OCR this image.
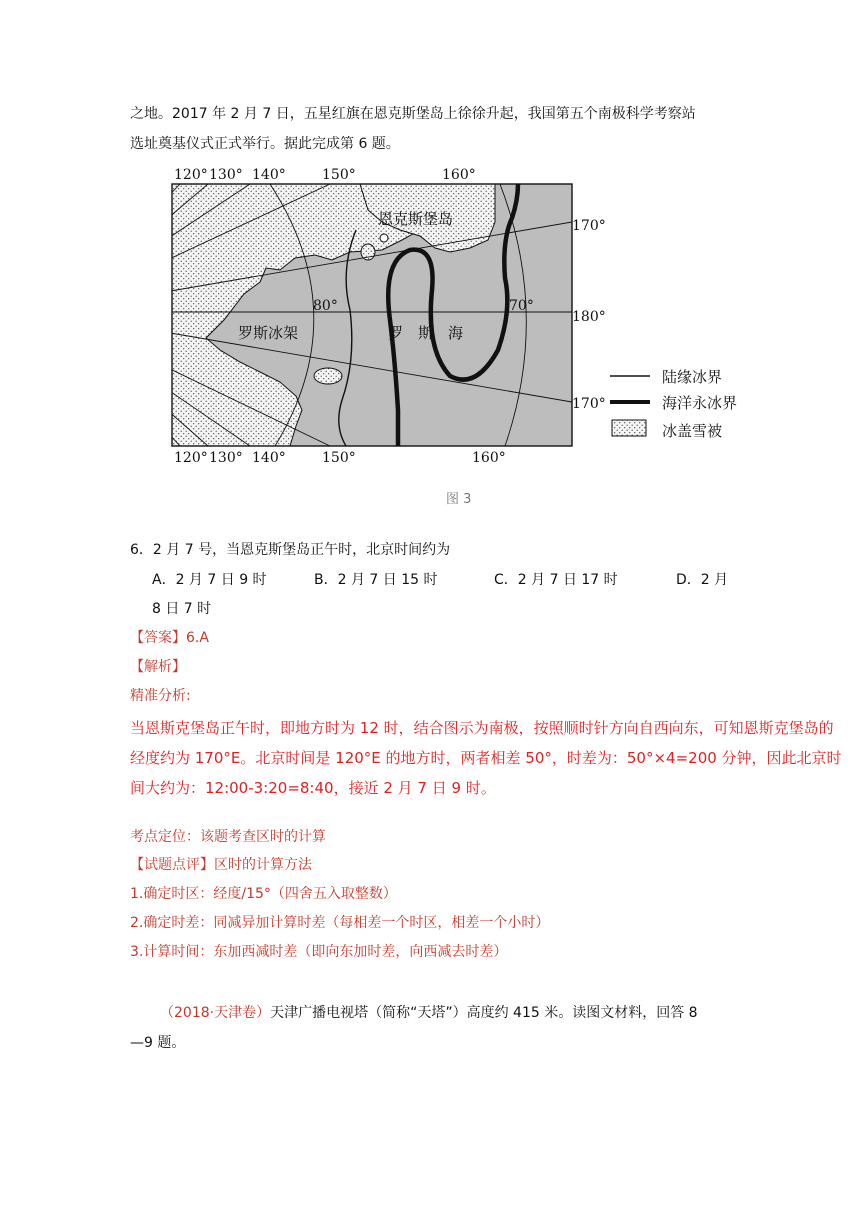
之地。2017 年 2 月 7 日，五星红旗在恩克斯堡岛上徐徐升起，我国第五个南极科学考察站
选址奠基仪式正式举行。据此完成第 6 题。
120° 130° 140°	150°	160°
120° 130° 140°	150°	160°
170°
180°
170°
80°	70°
恩克斯堡岛
罗斯冰架	罗　斯　海
陆缘冰界
海洋永冰界
冰盖雪被
图 3
6．2 月 7 号，当恩克斯堡岛正午时，北京时间约为
A．2 月 7 日 9 时	B．2 月 7 日 15 时	C．2 月 7 日 17 时	D．2 月
8 日 7 时
【答案】6.A
【解析】
精准分析:
当恩斯克堡岛正午时，即地方时为 12 时，结合图示为南极，按照顺时针方向自西向东，可知恩斯克堡岛的
经度约为 170°E。北京时间是 120°E 的地方时，两者相差 50°，时差为：50°×4=200 分钟，因此北京时
间大约为：12:00-3:20=8:40，接近 2 月 7 日 9 时。
考点定位：该题考查区时的计算
【试题点评】区时的计算方法
1.确定时区：经度/15°（四舍五入取整数）
2.确定时差：同减异加计算时差（每相差一个时区，相差一个小时）
3.计算时间：东加西减时差（即向东加时差，向西减去时差）
（2018·天津卷）天津广播电视塔（简称“天塔”）高度约 415 米。读图文材料，回答 8
—9 题。
